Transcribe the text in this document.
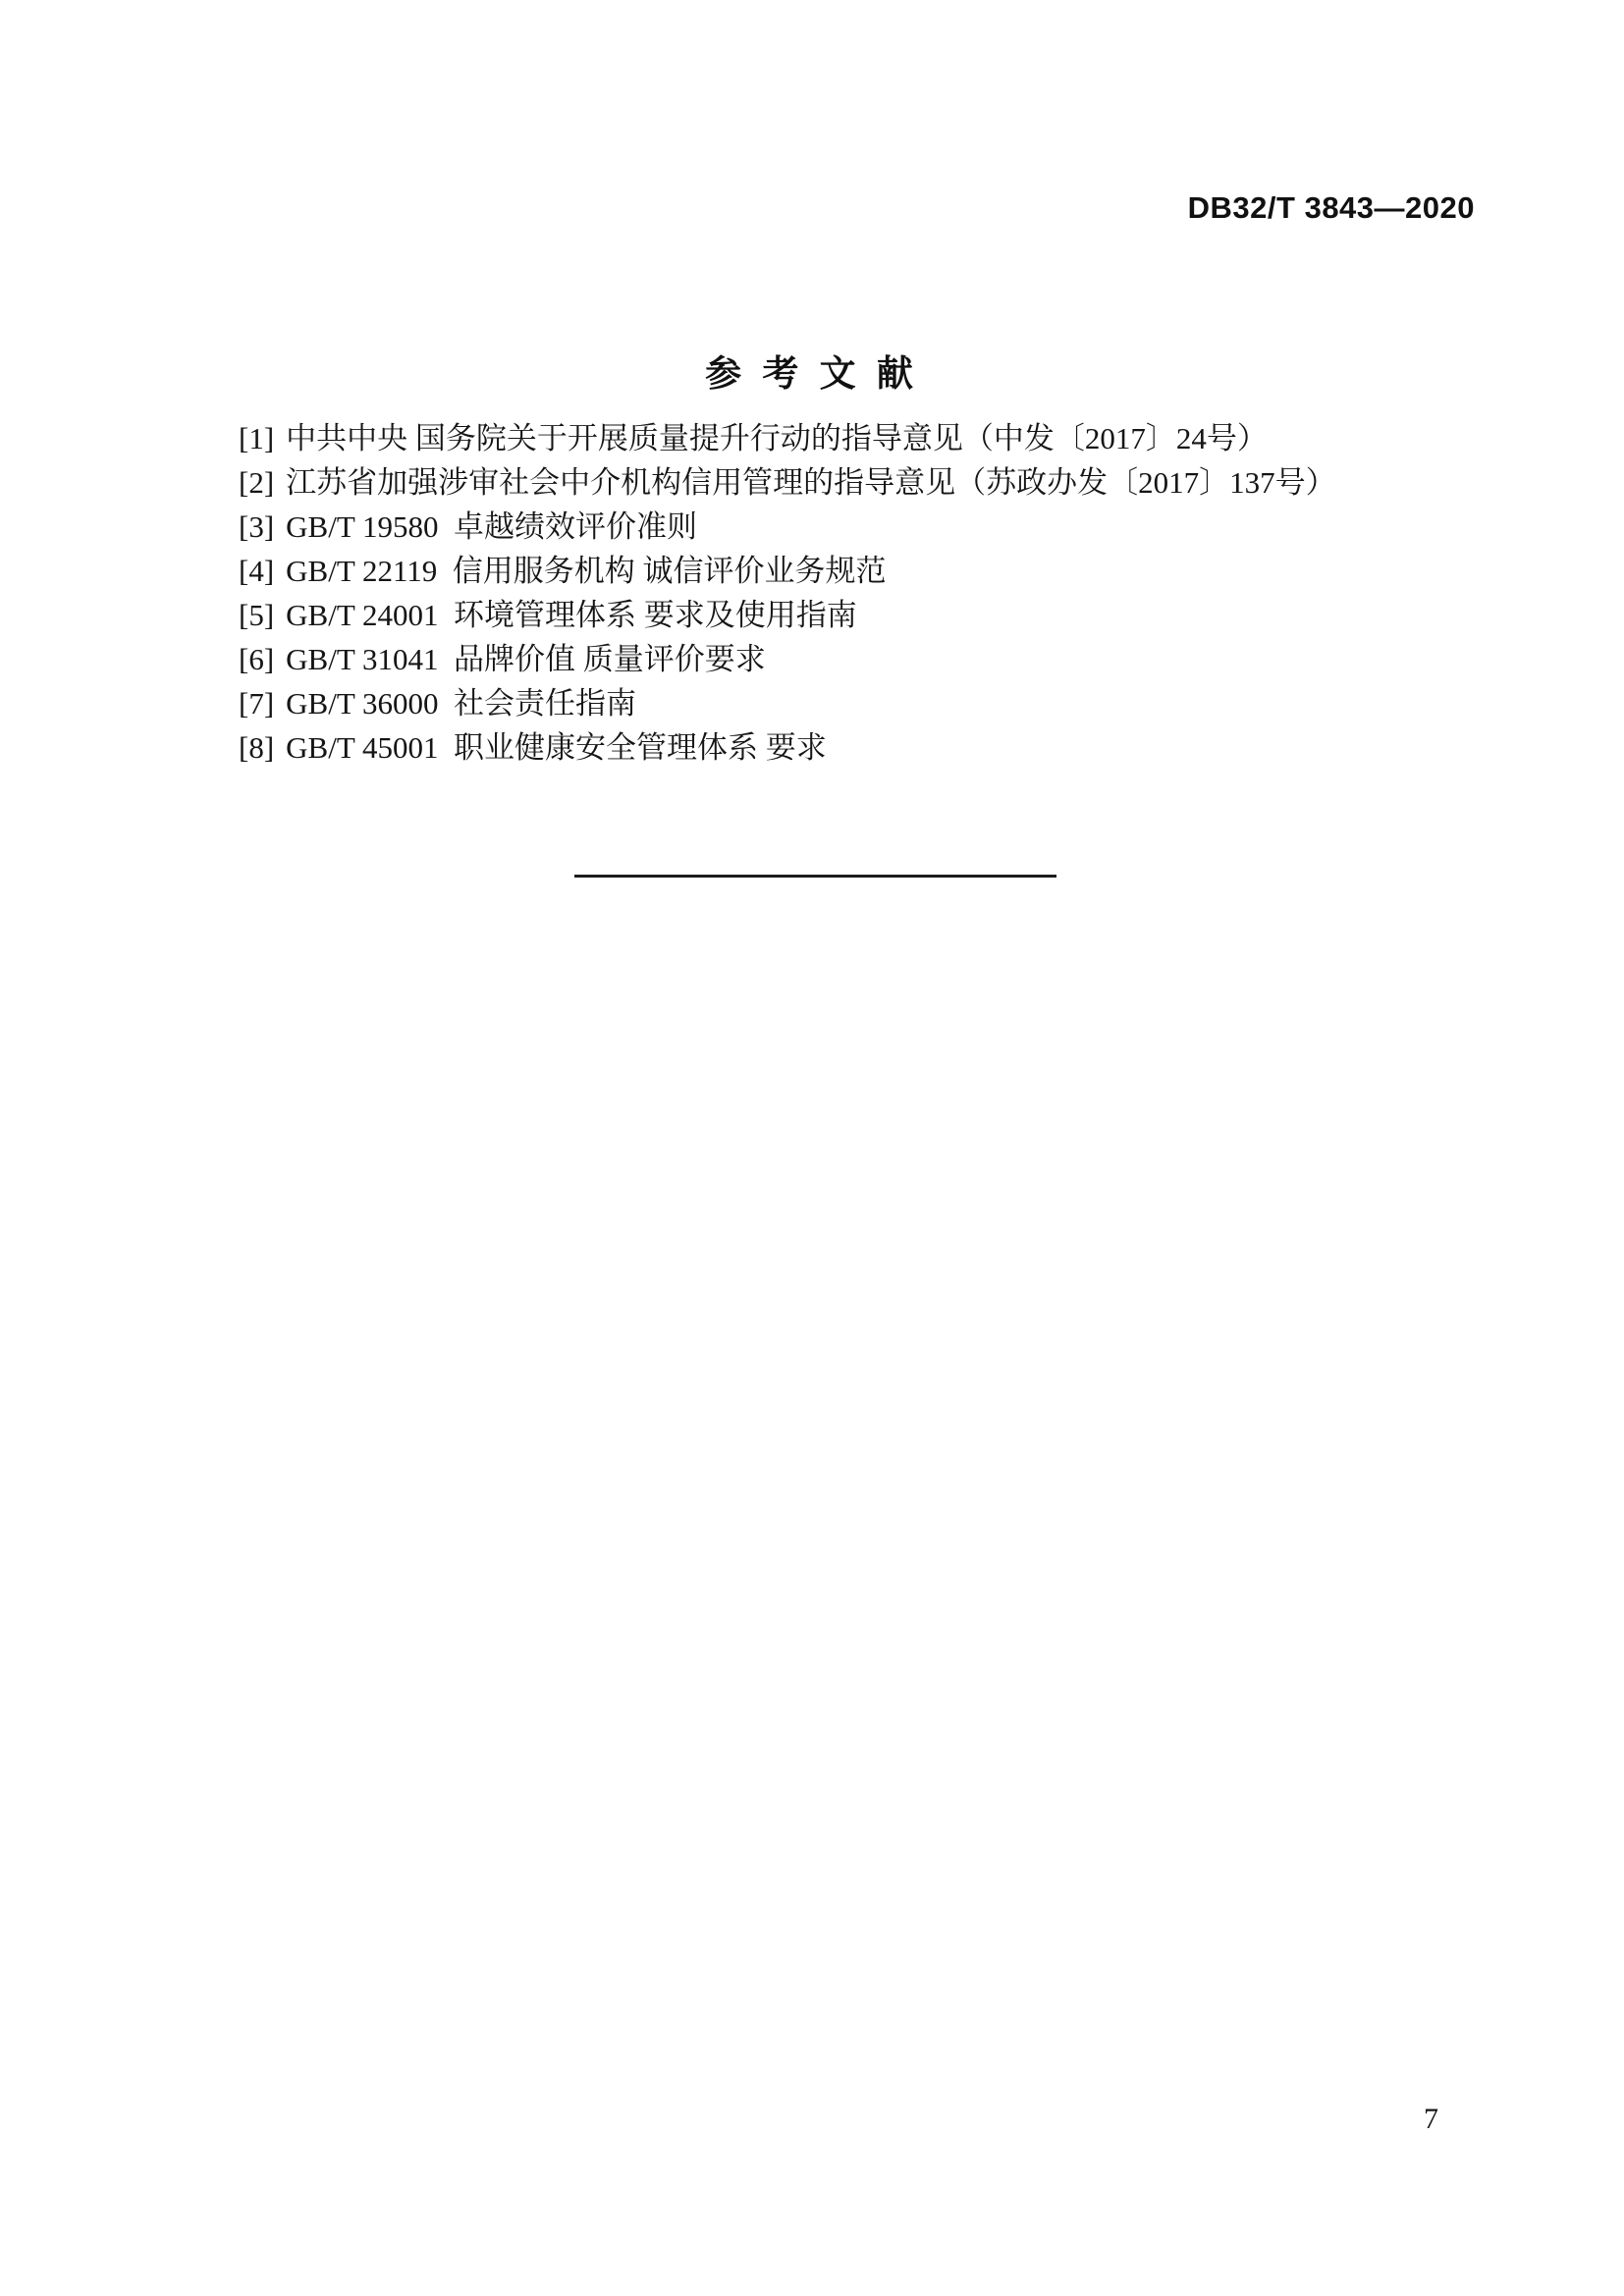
DB32/T 3843—2020
参 考 文 献
[1] 中共中央 国务院关于开展质量提升行动的指导意见（中发〔2017〕24号）
[2] 江苏省加强涉审社会中介机构信用管理的指导意见（苏政办发〔2017〕137号）
[3] GB/T 19580  卓越绩效评价准则
[4] GB/T 22119  信用服务机构 诚信评价业务规范
[5] GB/T 24001  环境管理体系 要求及使用指南
[6] GB/T 31041  品牌价值 质量评价要求
[7] GB/T 36000  社会责任指南
[8] GB/T 45001  职业健康安全管理体系 要求
7
